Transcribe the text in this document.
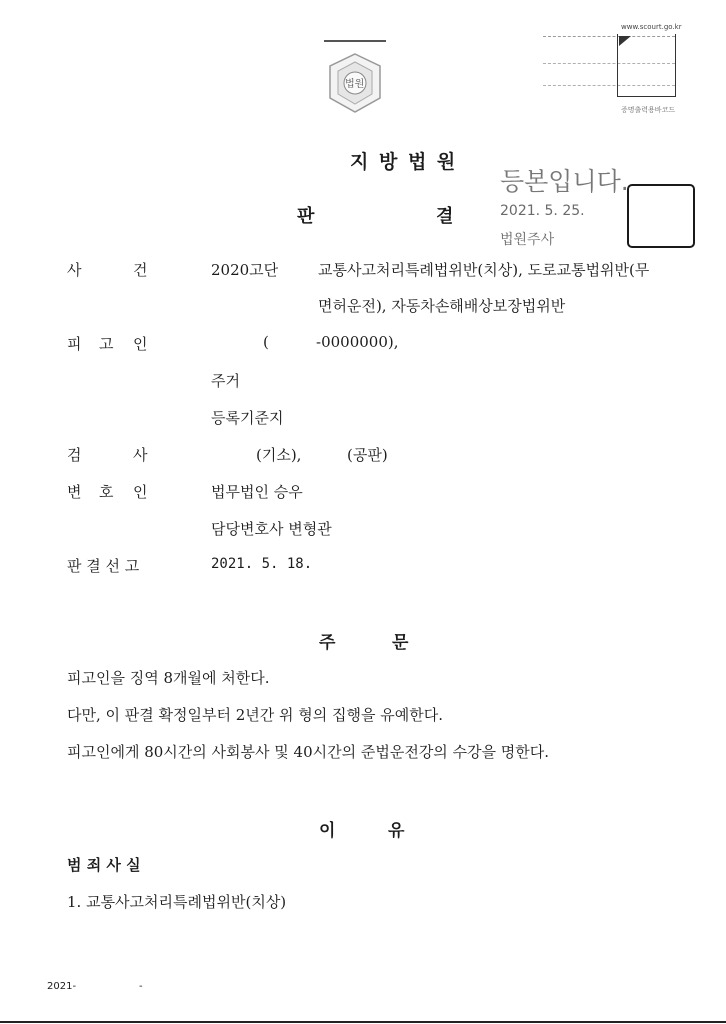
법원
www.scourt.go.kr
증명출력용바코드
지 방 법 원
등본입니다.
2021. 5. 25.
법원주사
판	결
사	건	2020고단	교통사고처리특례법위반(치상), 도로교통법위반(무
면허운전), 자동차손해배상보장법위반
피 고 인	(	-0000000),
주거
등록기준지
검	사	(기소),	(공판)
변 호 인	법무법인 승우
담당변호사 변형관
판 결 선 고	2021. 5. 18.
주	문
피고인을 징역 8개월에 처한다.
다만, 이 판결 확정일부터 2년간 위 형의 집행을 유예한다.
피고인에게 80시간의 사회봉사 및 40시간의 준법운전강의 수강을 명한다.
이	유
범 죄 사 실
1. 교통사고처리특례법위반(치상)
2021-	-
